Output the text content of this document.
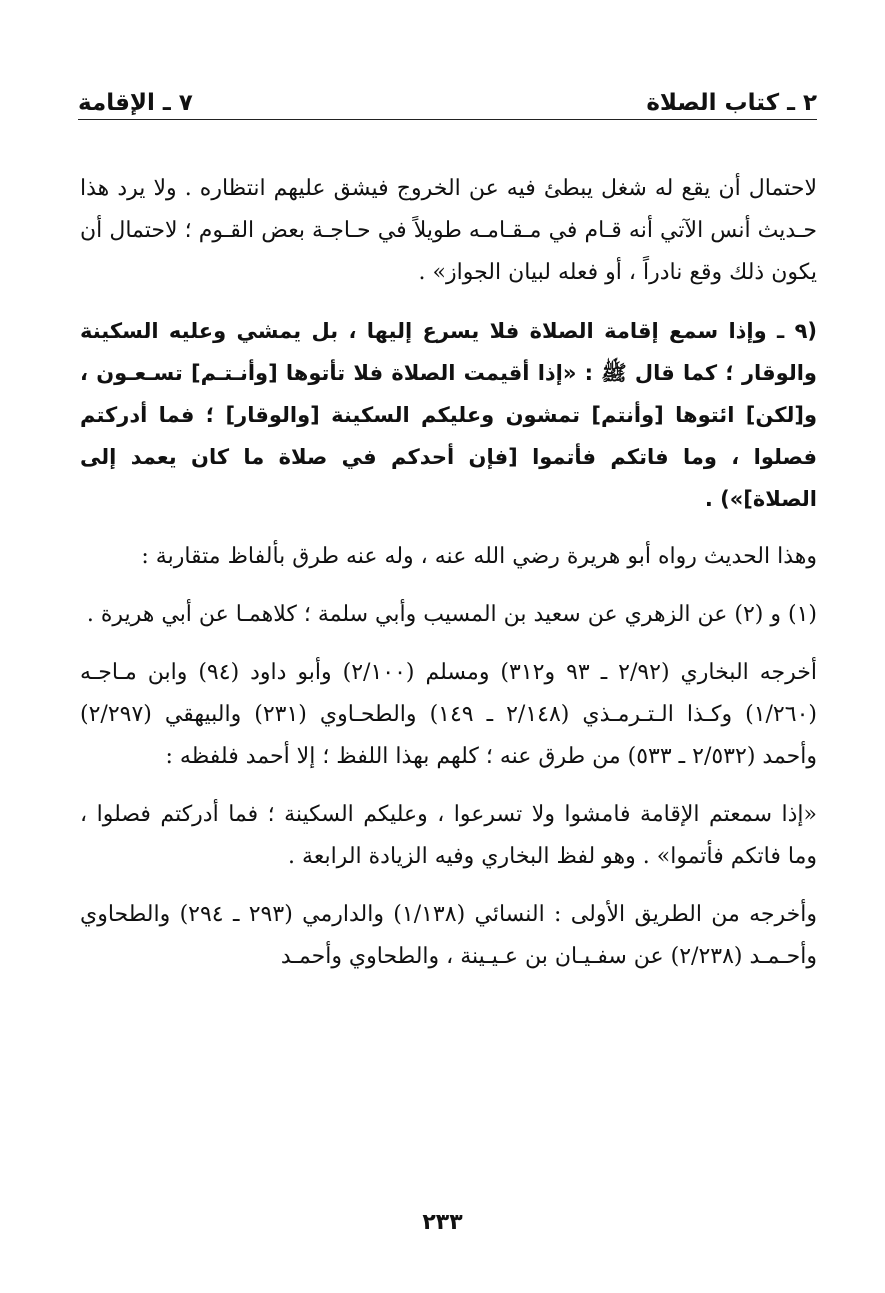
٢ ـ كتاب الصلاة
٧ ـ الإقامة

لاحتمال أن يقع له شغل يبطئ فيه عن الخروج فيشق عليهم انتظاره . ولا يرد هذا حـديث أنس الآتي أنه قـام في مـقـامـه طويلاً في حـاجـة بعض القـوم ؛ لاحتمال أن يكون ذلك وقع نادراً ، أو فعله لبيان الجواز» .

(٩ ـ وإذا سمع إقامة الصلاة فلا يسرع إليها ، بل يمشي وعليه السكينة والوقار ؛ كما قال ﷺ : «إذا أقيمت الصلاة فلا تأتوها [وأنـتـم] تسـعـون ، و[لكن] ائتوها [وأنتم] تمشون وعليكم السكينة [والوقار] ؛ فما أدركتم فصلوا ، وما فاتكم فأتموا [فإن أحدكم في صلاة ما كان يعمد إلى الصلاة]») .

وهذا الحديث رواه أبو هريرة رضي الله عنه ، وله عنه طرق بألفاظ متقاربة :

(١) و (٢) عن الزهري عن سعيد بن المسيب وأبي سلمة ؛ كلاهمـا عن أبي هريرة .

أخرجه البخاري (٢/٩٢ ـ ٩٣ و٣١٢) ومسلم (٢/١٠٠) وأبو داود (٩٤) وابن مـاجـه (١/٢٦٠) وكـذا الـتـرمـذي (٢/١٤٨ ـ ١٤٩) والطحـاوي (٢٣١) والبيهقي (٢/٢٩٧) وأحمد (٢/٥٣٢ ـ ٥٣٣) من طرق عنه ؛ كلهم بهذا اللفظ ؛ إلا أحمد فلفظه :

«إذا سمعتم الإقامة فامشوا ولا تسرعوا ، وعليكم السكينة ؛ فما أدركتم فصلوا ، وما فاتكم فأتموا» . وهو لفظ البخاري وفيه الزيادة الرابعة .

وأخرجه من الطريق الأولى : النسائي (١/١٣٨) والدارمي (٢٩٣ ـ ٢٩٤) والطحاوي وأحـمـد (٢/٢٣٨) عن سفـيـان بن عـيـينة ، والطحاوي وأحمـد

٢٣٣
